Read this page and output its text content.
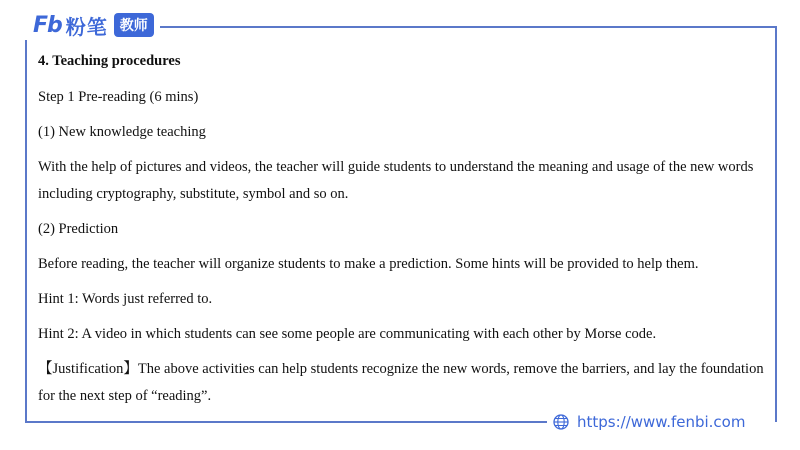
Fb 粉笔 教师

4. Teaching procedures

Step 1 Pre-reading (6 mins)

(1) New knowledge teaching

With the help of pictures and videos, the teacher will guide students to understand the meaning and usage of the new words including cryptography, substitute, symbol and so on.

(2) Prediction

Before reading, the teacher will organize students to make a prediction. Some hints will be provided to help them.

Hint 1: Words just referred to.

Hint 2: A video in which students can see some people are communicating with each other by Morse code.

【Justification】The above activities can help students recognize the new words, remove the barriers, and lay the foundation for the next step of “reading”.

https://www.fenbi.com
